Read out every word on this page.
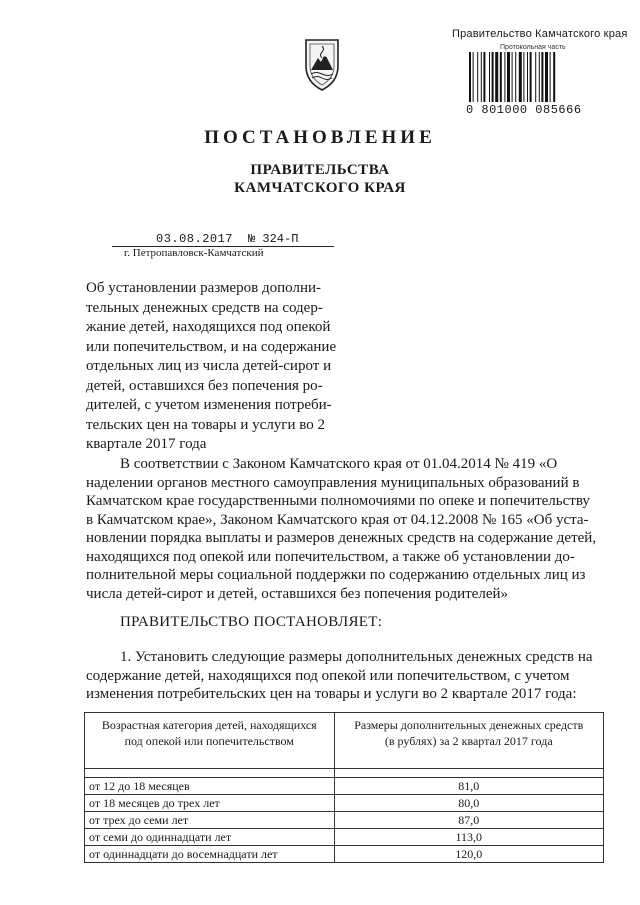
Правительство Камчатского края
Протокольная часть
0 801000 085666
ПОСТАНОВЛЕНИЕ
ПРАВИТЕЛЬСТВА
КАМЧАТСКОГО КРАЯ
03.08.2017 № 324-П
г. Петропавловск-Камчатский
Об установлении размеров дополни-
тельных денежных средств на содер-
жание детей, находящихся под опекой
или попечительством, и на содержание
отдельных лиц из числа детей-сирот и
детей, оставшихся без попечения ро-
дителей, с учетом изменения потреби-
тельских цен на товары и услуги во 2
квартале 2017 года
В соответствии с Законом Камчатского края от 01.04.2014 № 419 «О
наделении органов местного самоуправления муниципальных образований в
Камчатском крае государственными полномочиями по опеке и попечительству
в Камчатском крае», Законом Камчатского края от 04.12.2008 № 165 «Об уста-
новлении порядка выплаты и размеров денежных средств на содержание детей,
находящихся под опекой или попечительством, а также об установлении до-
полнительной меры социальной поддержки по содержанию отдельных лиц из
числа детей-сирот и детей, оставшихся без попечения родителей»
ПРАВИТЕЛЬСТВО ПОСТАНОВЛЯЕТ:
1. Установить следующие размеры дополнительных денежных средств на
содержание детей, находящихся под опекой или попечительством, с учетом
изменения потребительских цен на товары и услуги во 2 квартале 2017 года:
Возрастная категория детей, находящихся
под опекой или попечительством	Размеры дополнительных денежных средств
(в рублях) за 2 квартал 2017 года

от 12 до 18 месяцев	81,0
от 18 месяцев до трех лет	80,0
от трех до семи лет	87,0
от семи до одиннадцати лет	113,0
от одиннадцати до восемнадцати лет	120,0
